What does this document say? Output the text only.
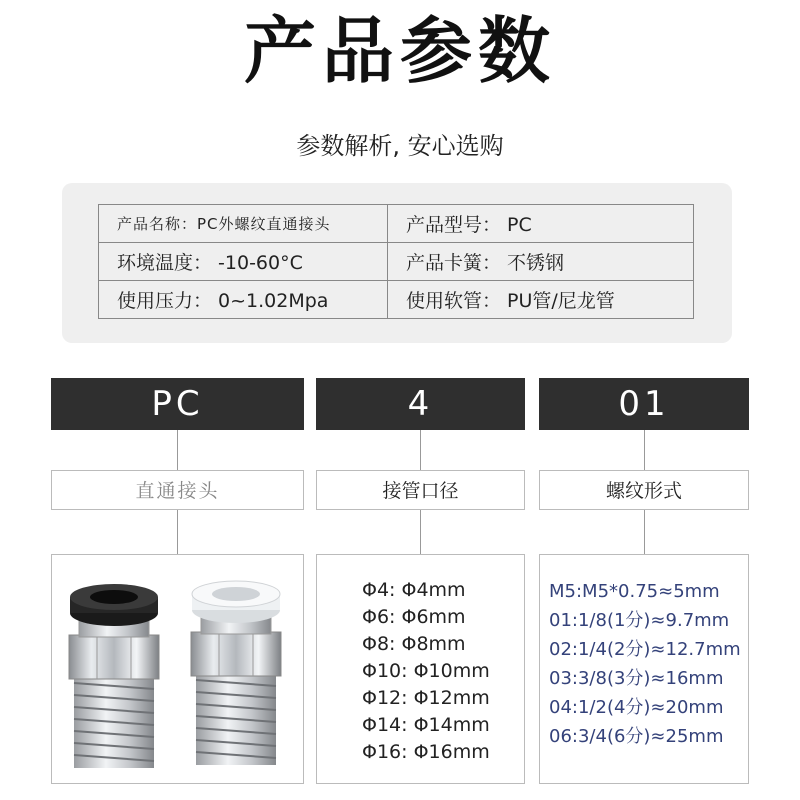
产品参数
参数解析, 安心选购
产品名称：PC外螺纹直通接头	产品型号： PC
环境温度： -10-60°C	产品卡簧： 不锈钢
使用压力： 0~1.02Mpa	使用软管： PU管/尼龙管
PC	4	01
直通接头	接管口径	螺纹形式
Φ4: Φ4mm
Φ6: Φ6mm
Φ8: Φ8mm
Φ10: Φ10mm
Φ12: Φ12mm
Φ14: Φ14mm
Φ16: Φ16mm
M5:M5*0.75≈5mm
01:1/8(1分)≈9.7mm
02:1/4(2分)≈12.7mm
03:3/8(3分)≈16mm
04:1/2(4分)≈20mm
06:3/4(6分)≈25mm
